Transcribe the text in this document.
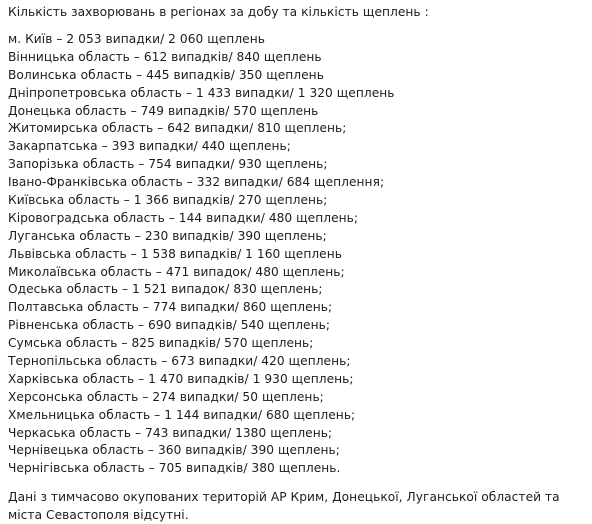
Кількість захворювань в регіонах за добу та кількість щеплень :
м. Київ – 2 053 випадки/ 2 060 щеплень
Вінницька область – 612 випадків/ 840 щеплень
Волинська область – 445 випадків/ 350 щеплень
Дніпропетровська область – 1 433 випадки/ 1 320 щеплень
Донецька область – 749 випадків/ 570 щеплень
Житомирська область – 642 випадки/ 810 щеплень;
Закарпатська – 393 випадки/ 440 щеплень;
Запорізька область – 754 випадки/ 930 щеплень;
Івано-Франківська область – 332 випадки/ 684 щеплення;
Київська область – 1 366 випадків/ 270 щеплень;
Кіровоградська область – 144 випадки/ 480 щеплень;
Луганська область – 230 випадків/ 390 щеплень;
Львівська область – 1 538 випадків/ 1 160 щеплень
Миколаївська область – 471 випадок/ 480 щеплень;
Одеська область – 1 521 випадок/ 830 щеплень;
Полтавська область – 774 випадки/ 860 щеплень;
Рівненська область – 690 випадків/ 540 щеплень;
Сумська область – 825 випадків/ 570 щеплень;
Тернопільська область – 673 випадки/ 420 щеплень;
Харківська область – 1 470 випадків/ 1 930 щеплень;
Херсонська область – 274 випадки/ 50 щеплень;
Хмельницька область – 1 144 випадки/ 680 щеплень;
Черкаська область – 743 випадки/ 1380 щеплень;
Чернівецька область – 360 випадків/ 390 щеплень;
Чернігівська область – 705 випадків/ 380 щеплень.
Дані з тимчасово окупованих територій АР Крим, Донецької, Луганської областей та міста Севастополя відсутні.
